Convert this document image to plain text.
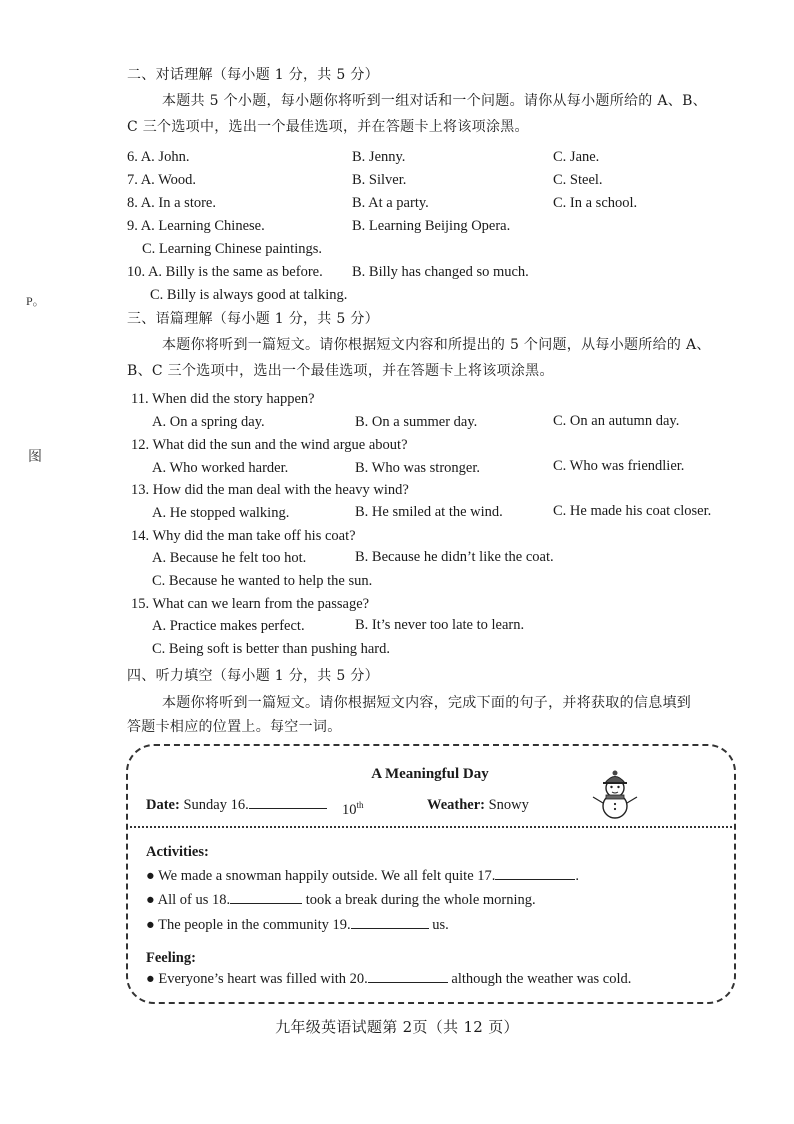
P。
图
二、对话理解（每小题 1 分，共 5 分）
本题共 5 个小题，每小题你将听到一组对话和一个问题。请你从每小题所给的 A、B、
C 三个选项中，选出一个最佳选项，并在答题卡上将该项涂黑。
6. A. John.	B. Jenny.	C. Jane.
7. A. Wood.	B. Silver.	C. Steel.
8. A. In a store.	B. At a party.	C. In a school.
9. A. Learning Chinese.	B. Learning Beijing Opera.
C. Learning Chinese paintings.
10. A. Billy is the same as before. B. Billy has changed so much.
C. Billy is always good at talking.
三、语篇理解（每小题 1 分，共 5 分）
本题你将听到一篇短文。请你根据短文内容和所提出的 5 个问题，从每小题所给的 A、
B、C 三个选项中，选出一个最佳选项，并在答题卡上将该项涂黑。
11. When did the story happen?
A. On a spring day.	B. On a summer day.	C. On an autumn day.
12. What did the sun and the wind argue about?
A. Who worked harder.	B. Who was stronger.	C. Who was friendlier.
13. How did the man deal with the heavy wind?
A. He stopped walking.	B. He smiled at the wind.	C. He made his coat closer.
14. Why did the man take off his coat?
A. Because he felt too hot.	B. Because he didn’t like the coat.
C. Because he wanted to help the sun.
15. What can we learn from the passage?
A. Practice makes perfect.	B. It’s never too late to learn.
C. Being soft is better than pushing hard.
四、听力填空（每小题 1 分，共 5 分）
本题你将听到一篇短文。请你根据短文内容，完成下面的句子，并将获取的信息填到
答题卡相应的位置上。每空一词。
A Meaningful Day
Date: Sunday 16.	10th	Weather: Snowy
Activities:
● We made a snowman happily outside. We all felt quite 17.	.
● All of us 18.	took a break during the whole morning.
● The people in the community 19.	us.
Feeling:
● Everyone’s heart was filled with 20.	although the weather was cold.
九年级英语试题第 2页（共 12 页）
